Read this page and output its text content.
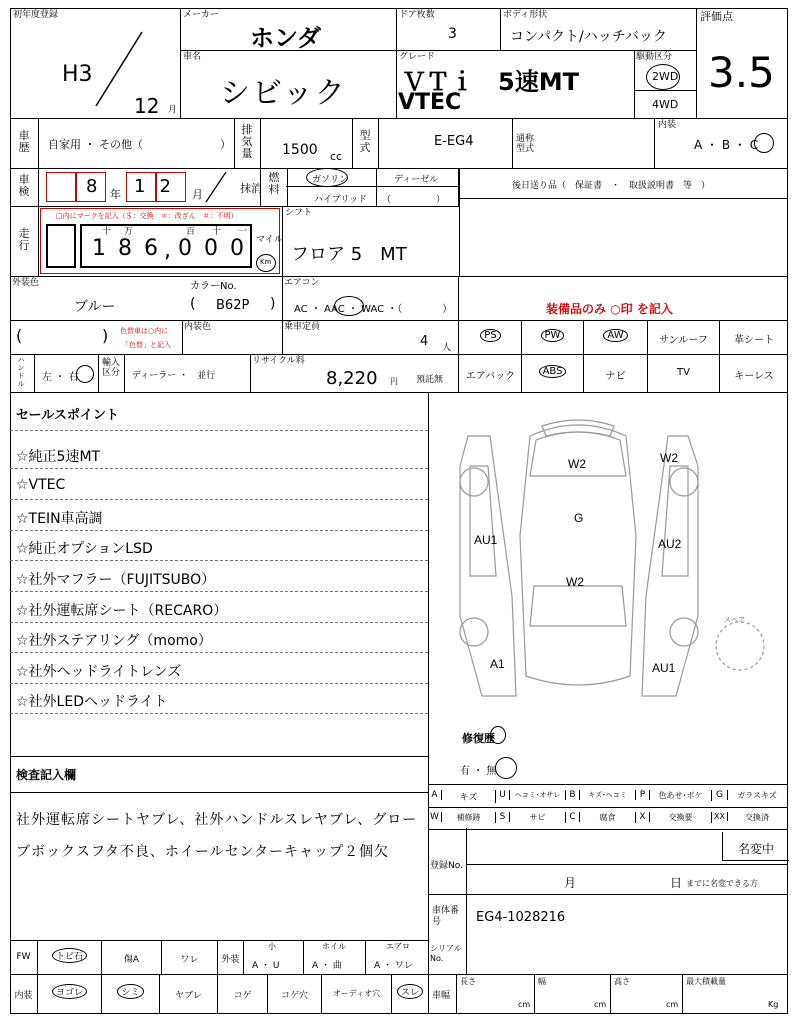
初年度登録
H3
12 月
メーカー
ホンダ
ドア枚数
3
ボディ形状
コンパクト/ハッチバック
評価点
3.5
車名
シビック
グレード
ＶＴｉ　5速MT
VTEC
駆動区分
2WD
4WD
車歴 自家用 ・ その他（　　　　　　　）
排気量 1500 cc
型式	E-EG4	通称型式
内装
A ・ B ・ C
車検	8 年 12 月	抹消
燃料
ガソリン	ディーゼル
ハイブリッド （　　　　　）
後日送り品（　保証書　・　取扱説明書　等　）
走行
□内にマークを記入（＄：交換　＊：改ざん　＃：不明）
十 万	百 十 一
1 8 6 , 0 0 0 マイル
Km
シフト
フロア 5　MT
外装色
ブルー
カラーNo.
( B62P )
エアコン
AC ・ AAC ・ WAC ・（　　　　）	装備品のみ ○印 を記入
(	) 色替車は○内に
「色替」と記入
内装色	乗車定員
4 人
PS	PW	AW	サンルーフ	革シート
ハンドル
左 ・ 右
輸入区分 ディーラー ・　並行
リサイクル料
8,220 円 預託無	エアバック	ABS	ナビ	TV	キーレス
セールスポイント
☆純正5速MT
☆VTEC
☆TEIN車高調
☆純正オプションLSD
☆社外マフラー（FUJITSUBO）
☆社外運転席シート（RECARO）
☆社外ステアリング（momo）
☆社外ヘッドライトレンズ
☆社外LEDヘッドライト
W2	W2
G
AU1	AU2
W2
A1	AU1
スペア
修復歴
有 ・ 無
検査記入欄
社外運転席シートヤブレ、社外ハンドルスレヤブレ、グローブボックスフタ不良、ホイールセンターキャップ２個欠
A	キズ	U	ヘコミ･オサレ	B	キズ･ヘコミ	P	色あせ･ボケ	G	ガラスキズ
W	補修跡	S	サビ	C	腐食	X	交換要	XX	交換済
登録No.
名変中
月	日 までに名変できる方
車体番号	EG4-1028216
FW	トビ石	傷A	ワレ	外装
小
A ・ U
ホイル
A ・ 曲
エアロ
A ・ ワレ
内装	ヨゴレ	シミ	ヤブレ	コゲ	コゲ穴	オーディオ穴	スレ
シリアルNo.
車幅
長さ
cm
幅
cm
高さ
cm
最大積載量
Kg
